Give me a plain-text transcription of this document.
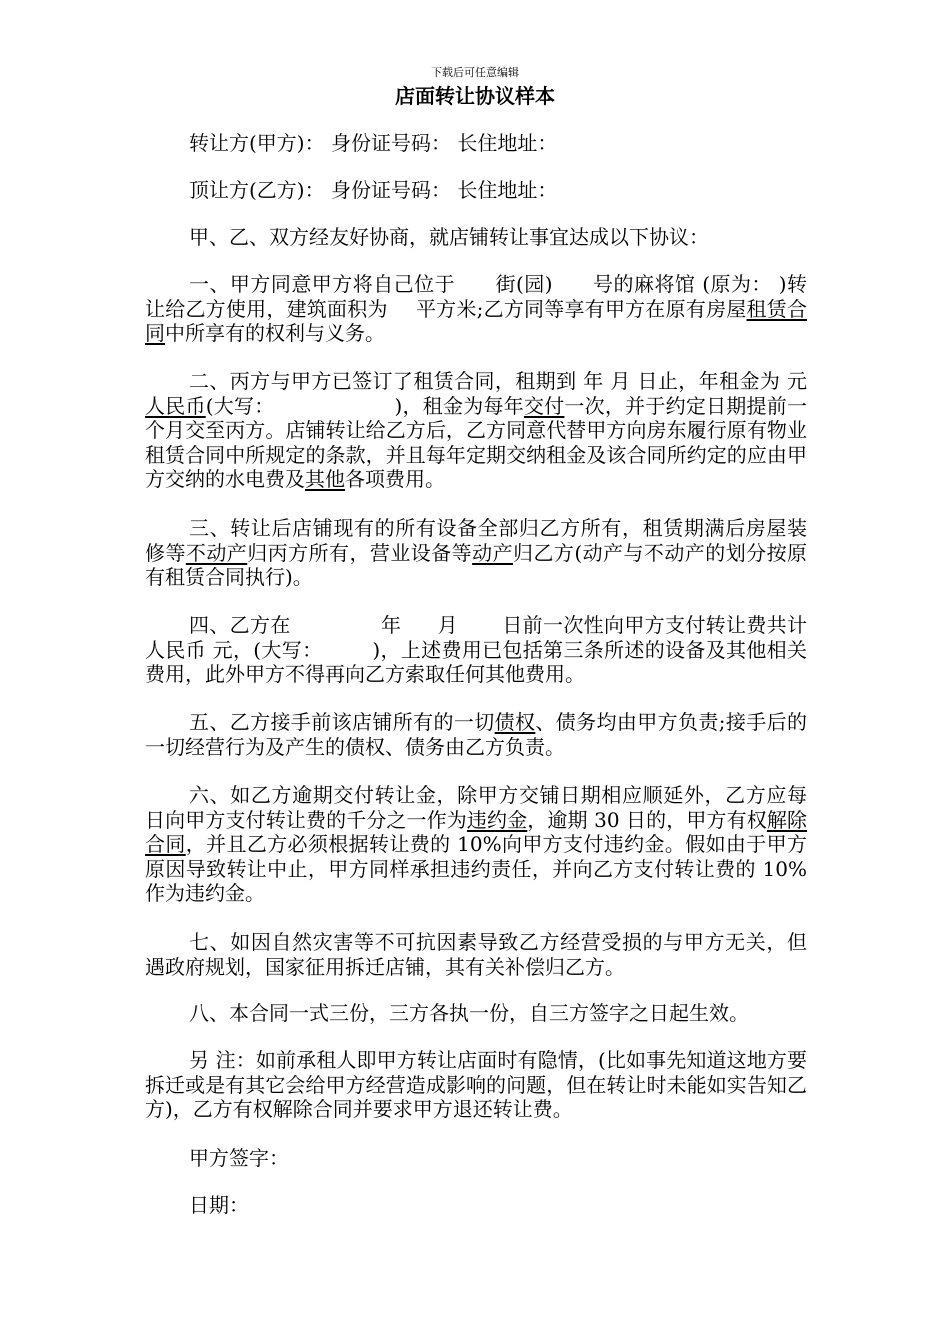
下载后可任意编辑
店面转让协议样本
转让方(甲方)： 身份证号码： 长住地址：
顶让方(乙方)： 身份证号码： 长住地址：
甲、乙、双方经友好协商，就店铺转让事宜达成以下协议：
一、甲方同意甲方将自己位于 街(园) 号的麻将馆 (原为： )转让给乙方使用，建筑面积为 平方米;乙方同等享有甲方在原有房屋租赁合同中所享有的权利与义务。
二、丙方与甲方已签订了租赁合同，租期到 年 月 日止，年租金为 元人民币(大写：	)，租金为每年交付一次，并于约定日期提前一个月交至丙方。店铺转让给乙方后，乙方同意代替甲方向房东履行原有物业租赁合同中所规定的条款，并且每年定期交纳租金及该合同所约定的应由甲方交纳的水电费及其他各项费用。
三、转让后店铺现有的所有设备全部归乙方所有，租赁期满后房屋装修等不动产归丙方所有，营业设备等动产归乙方(动产与不动产的划分按原有租赁合同执行)。
四、乙方在	年 月 日前一次性向甲方支付转让费共计人民币 元，(大写：	)，上述费用已包括第三条所述的设备及其他相关费用，此外甲方不得再向乙方索取任何其他费用。
五、乙方接手前该店铺所有的一切债权、债务均由甲方负责;接手后的一切经营行为及产生的债权、债务由乙方负责。
六、如乙方逾期交付转让金，除甲方交铺日期相应顺延外，乙方应每日向甲方支付转让费的千分之一作为违约金，逾期 30 日的，甲方有权解除合同，并且乙方必须根据转让费的 10%向甲方支付违约金。假如由于甲方原因导致转让中止，甲方同样承担违约责任，并向乙方支付转让费的 10%作为违约金。
七、如因自然灾害等不可抗因素导致乙方经营受损的与甲方无关，但遇政府规划，国家征用拆迁店铺，其有关补偿归乙方。
八、本合同一式三份，三方各执一份，自三方签字之日起生效。
另 注：如前承租人即甲方转让店面时有隐情，(比如事先知道这地方要拆迁或是有其它会给甲方经营造成影响的问题，但在转让时未能如实告知乙方)，乙方有权解除合同并要求甲方退还转让费。
甲方签字：
日期：
